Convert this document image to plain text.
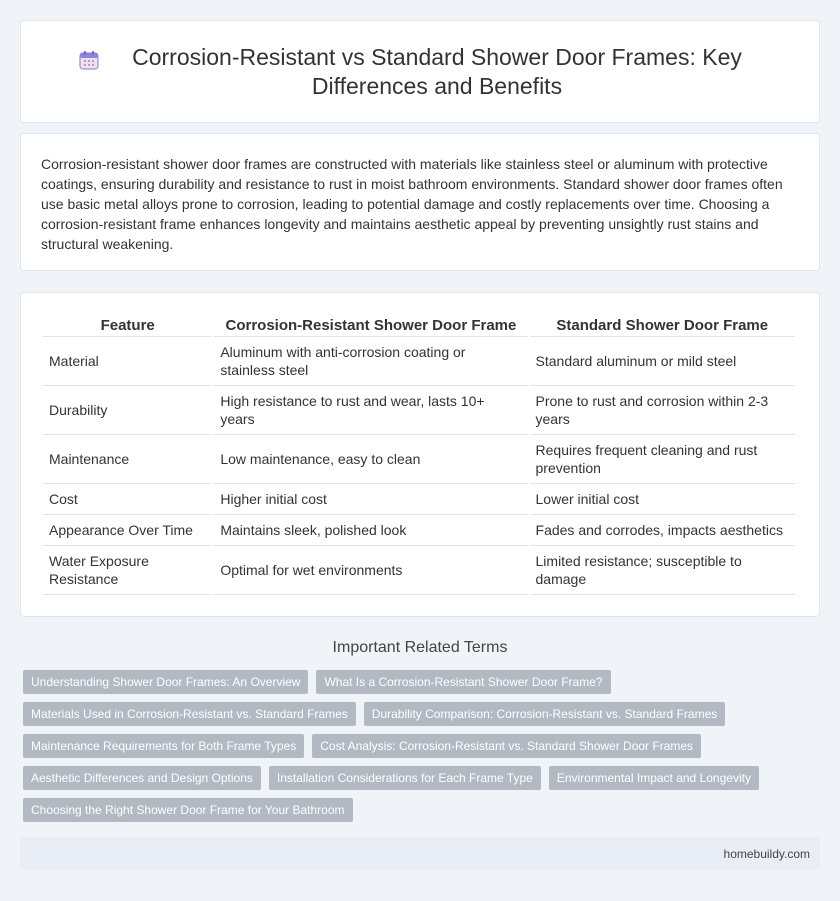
Corrosion-Resistant vs Standard Shower Door Frames: Key Differences and Benefits

Corrosion-resistant shower door frames are constructed with materials like stainless steel or aluminum with protective coatings, ensuring durability and resistance to rust in moist bathroom environments. Standard shower door frames often use basic metal alloys prone to corrosion, leading to potential damage and costly replacements over time. Choosing a corrosion-resistant frame enhances longevity and maintains aesthetic appeal by preventing unsightly rust stains and structural weakening.

Feature	Corrosion-Resistant Shower Door Frame	Standard Shower Door Frame
Material	Aluminum with anti-corrosion coating or stainless steel	Standard aluminum or mild steel
Durability	High resistance to rust and wear, lasts 10+ years	Prone to rust and corrosion within 2-3 years
Maintenance	Low maintenance, easy to clean	Requires frequent cleaning and rust prevention
Cost	Higher initial cost	Lower initial cost
Appearance Over Time	Maintains sleek, polished look	Fades and corrodes, impacts aesthetics
Water Exposure Resistance	Optimal for wet environments	Limited resistance; susceptible to damage
Important Related Terms
Understanding Shower Door Frames: An Overview	What Is a Corrosion-Resistant Shower Door Frame?
Materials Used in Corrosion-Resistant vs. Standard Frames	Durability Comparison: Corrosion-Resistant vs. Standard Frames
Maintenance Requirements for Both Frame Types	Cost Analysis: Corrosion-Resistant vs. Standard Shower Door Frames
Aesthetic Differences and Design Options	Installation Considerations for Each Frame Type	Environmental Impact and Longevity
Choosing the Right Shower Door Frame for Your Bathroom
homebuildy.com
